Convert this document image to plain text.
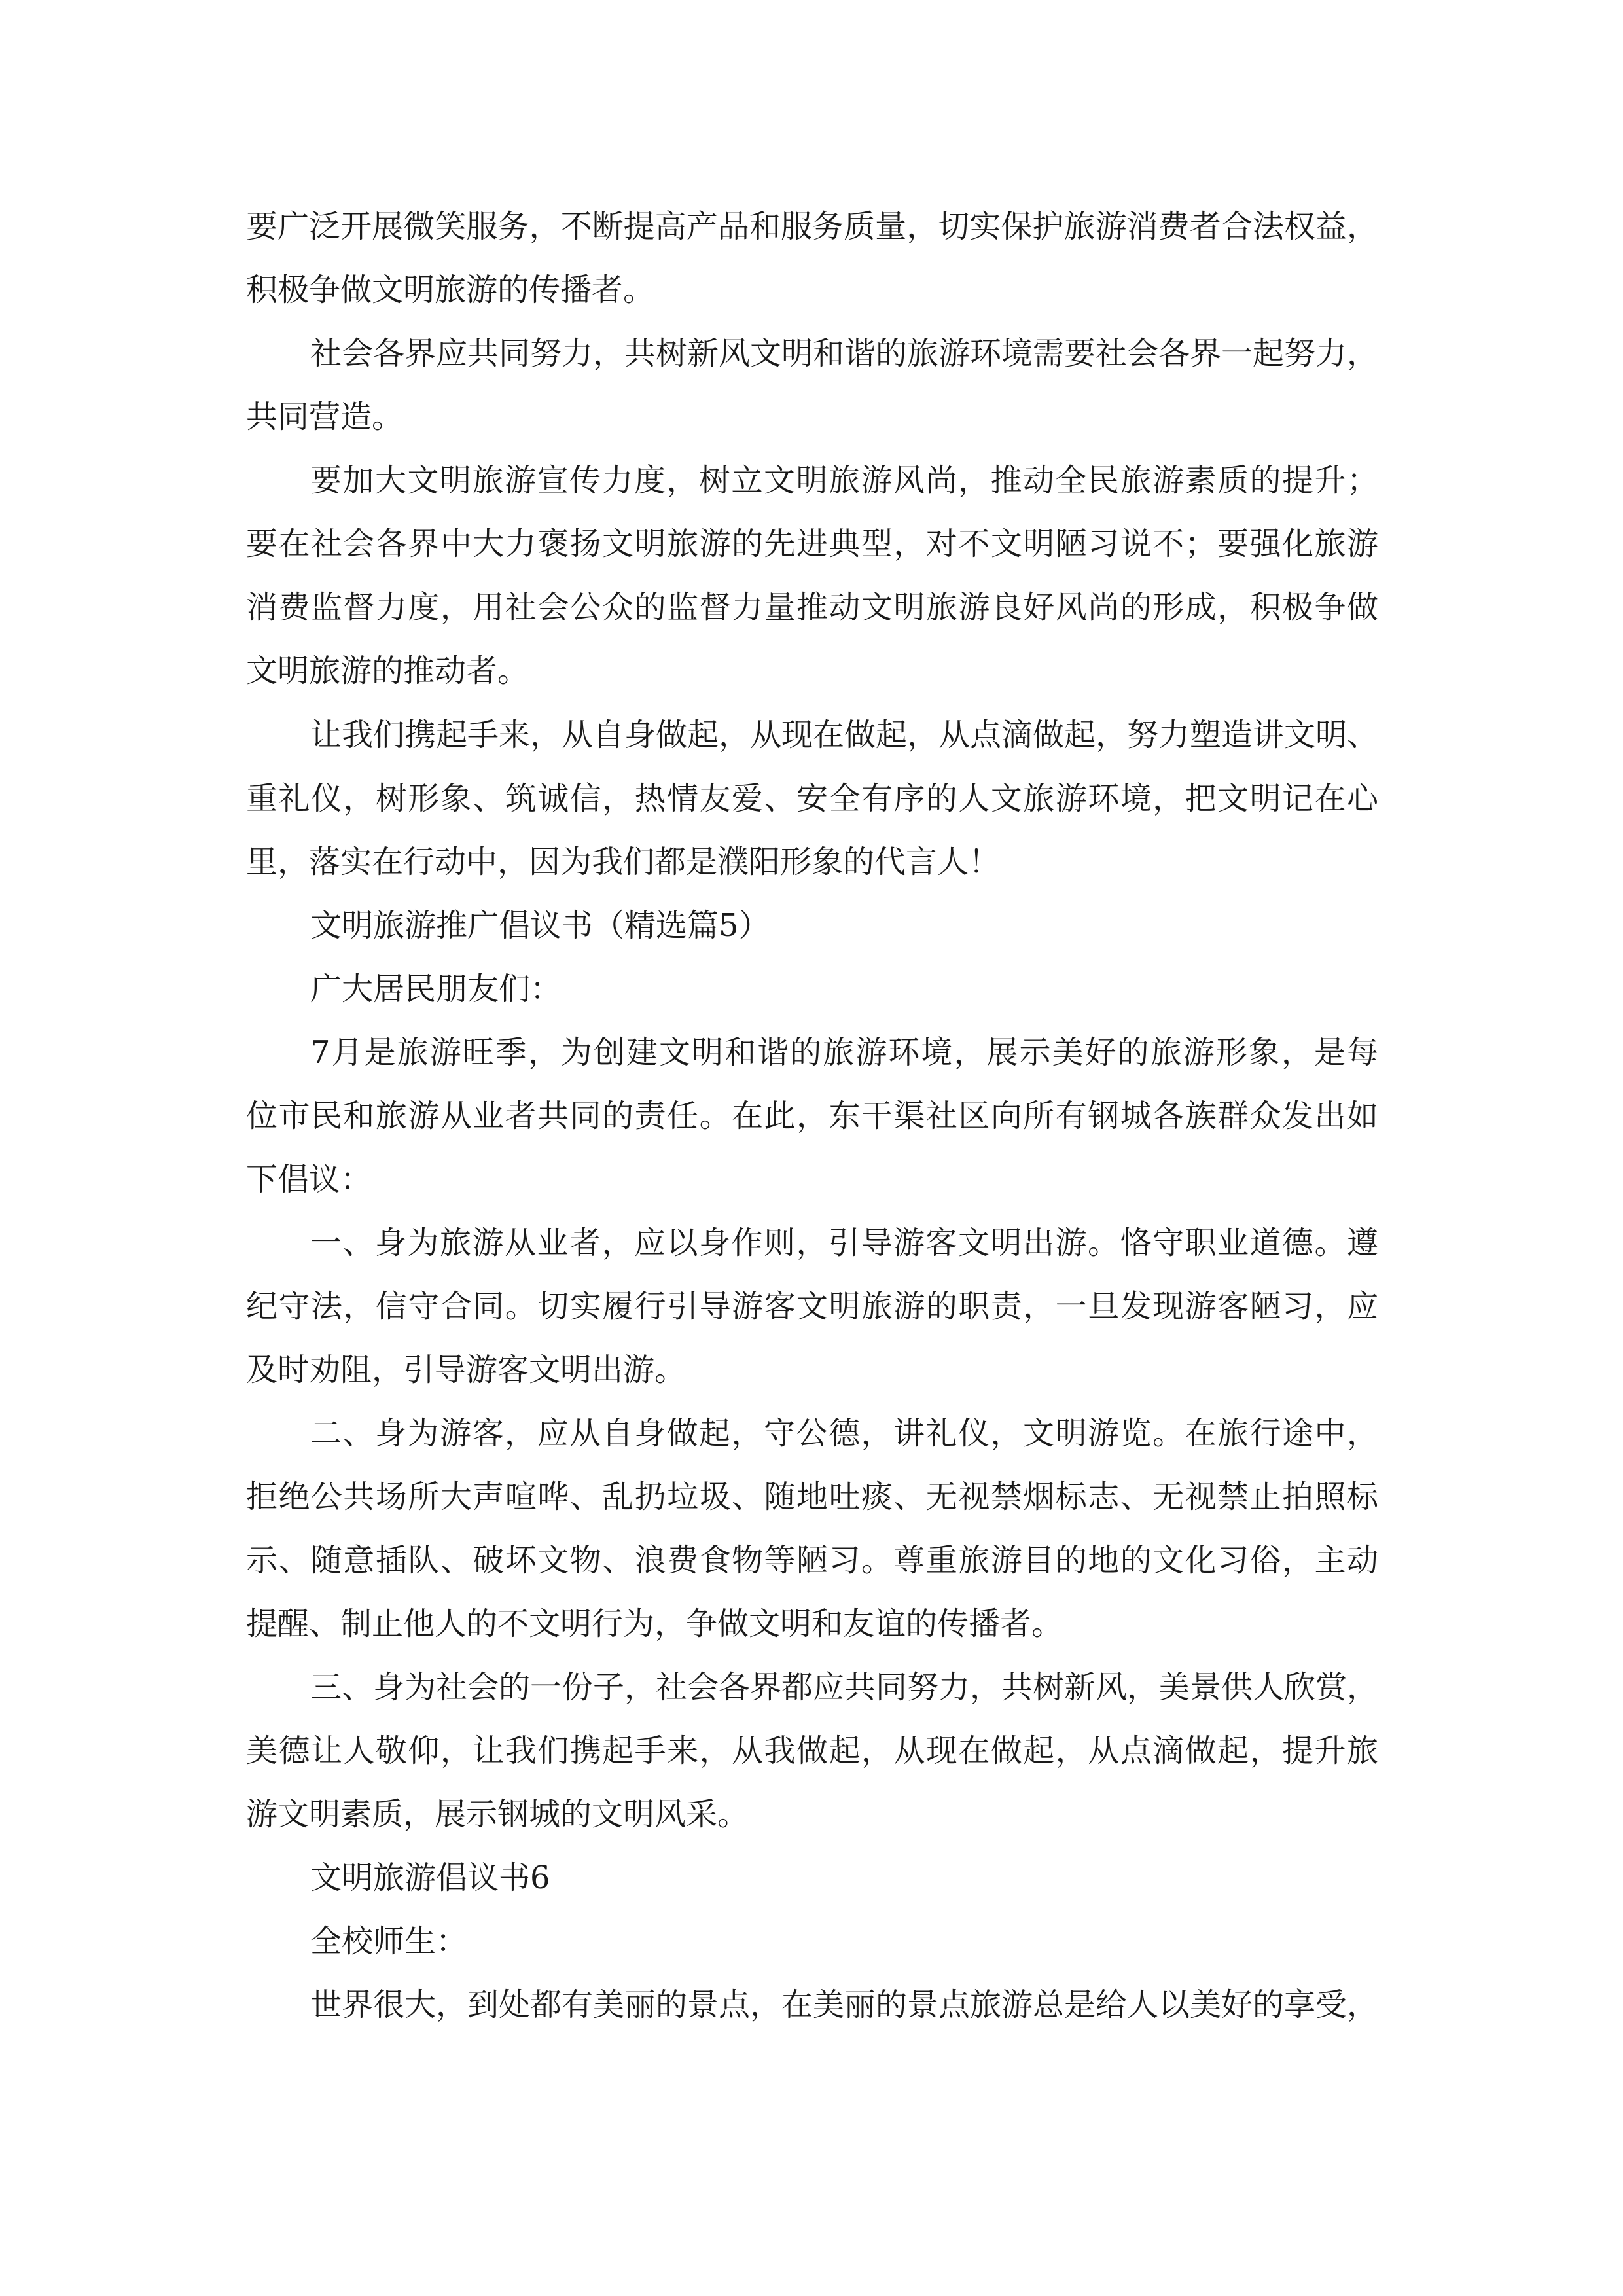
要广泛开展微笑服务，不断提高产品和服务质量，切实保护旅游消费者合法权益，

积极争做文明旅游的传播者。

社会各界应共同努力，共树新风文明和谐的旅游环境需要社会各界一起努力，

共同营造。

要加大文明旅游宣传力度，树立文明旅游风尚，推动全民旅游素质的提升；

要在社会各界中大力褒扬文明旅游的先进典型，对不文明陋习说不；要强化旅游

消费监督力度，用社会公众的监督力量推动文明旅游良好风尚的形成，积极争做

文明旅游的推动者。

让我们携起手来，从自身做起，从现在做起，从点滴做起，努力塑造讲文明、

重礼仪，树形象、筑诚信，热情友爱、安全有序的人文旅游环境，把文明记在心

里，落实在行动中，因为我们都是濮阳形象的代言人！

文明旅游推广倡议书（精选篇5）

广大居民朋友们：

7月是旅游旺季，为创建文明和谐的旅游环境，展示美好的旅游形象，是每

位市民和旅游从业者共同的责任。在此，东干渠社区向所有钢城各族群众发出如

下倡议：

一、身为旅游从业者，应以身作则，引导游客文明出游。恪守职业道德。遵

纪守法，信守合同。切实履行引导游客文明旅游的职责，一旦发现游客陋习，应

及时劝阻，引导游客文明出游。

二、身为游客，应从自身做起，守公德，讲礼仪，文明游览。在旅行途中，

拒绝公共场所大声喧哗、乱扔垃圾、随地吐痰、无视禁烟标志、无视禁止拍照标

示、随意插队、破坏文物、浪费食物等陋习。尊重旅游目的地的文化习俗，主动

提醒、制止他人的不文明行为，争做文明和友谊的传播者。

三、身为社会的一份子，社会各界都应共同努力，共树新风，美景供人欣赏，

美德让人敬仰，让我们携起手来，从我做起，从现在做起，从点滴做起，提升旅

游文明素质，展示钢城的文明风采。

文明旅游倡议书6

全校师生：

世界很大，到处都有美丽的景点，在美丽的景点旅游总是给人以美好的享受，
